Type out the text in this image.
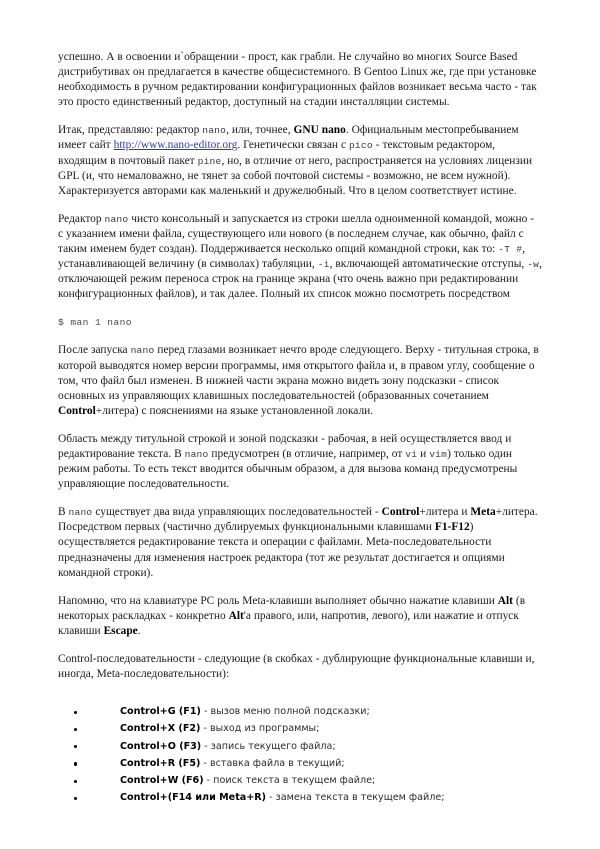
успешно. А в освоении и`обращении - прост, как грабли. Не случайно во многих Source Based дистрибутивах он предлагается в качестве общесистемного. В Gentoo Linux же, где при установке необходимость в ручном редактировании конфигурационных файлов возникает весьма часто - так это просто единственный редактор, доступный на стадии инсталляции системы.

Итак, представляю: редактор nano, или, точнее, GNU nano. Официальным местопребыванием имеет сайт http://www.nano-editor.org. Генетически связан с pico - текстовым редактором, входящим в почтовый пакет pine, но, в отличие от него, распространяется на условиях лицензии GPL (и, что немаловажно, не тянет за собой почтовой системы - возможно, не всем нужной). Характеризуется авторами как маленький и дружелюбный. Что в целом соответствует истине.

Редактор nano чисто консольный и запускается из строки шелла одноименной командой, можно - с указанием имени файла, существующего или нового (в последнем случае, как обычно, файл с таким именем будет создан). Поддерживается несколько опций командной строки, как то: -T #, устанавливающей величину (в символах) табуляции, -i, включающей автоматические отступы, -w, отключающей режим переноса строк на границе экрана (что очень важно при редактировании конфигурационных файлов), и так далее. Полный их список можно посмотреть посредством

$ man 1 nano

После запуска nano перед глазами возникает нечто вроде следующего. Верху - титульная строка, в которой выводятся номер версии программы, имя открытого файла и, в правом углу, сообщение о том, что файл был изменен. В нижней части экрана можно видеть зону подсказки - список основных из управляющих клавишных последовательностей (образованных сочетанием Control+литера) с пояснениями на языке установленной локали.

Область между титульной строкой и зоной подсказки - рабочая, в ней осуществляется ввод и редактирование текста. В nano предусмотрен (в отличие, например, от vi и vim) только один режим работы. То есть текст вводится обычным образом, а для вызова команд предусмотрены управляющие последовательности.

В nano существует два вида управляющих последовательностей - Control+литера и Meta+литера. Посредством первых (частично дублируемых функциональными клавишами F1-F12) осуществляется редактирование текста и операции с файлами. Meta-последовательности предназначены для изменения настроек редактора (тот же результат достигается и опциями командной строки).

Напомню, что на клавиатуре PC роль Meta-клавиши выполняет обычно нажатие клавиши Alt (в некоторых раскладках - конкретно Alt'а правого, или, напротив, левого), или нажатие и отпуск клавиши Escape.

Control-последовательности - следующие (в скобках - дублирующие функциональные клавиши и, иногда, Meta-последовательности):

Control+G (F1) - вызов меню полной подсказки;
Control+X (F2) - выход из программы;
Control+O (F3) - запись текущего файла;
Control+R (F5) - вставка файла в текущий;
Control+W (F6) - поиск текста в текущем файле;
Control+(F14 или Meta+R) - замена текста в текущем файле;
